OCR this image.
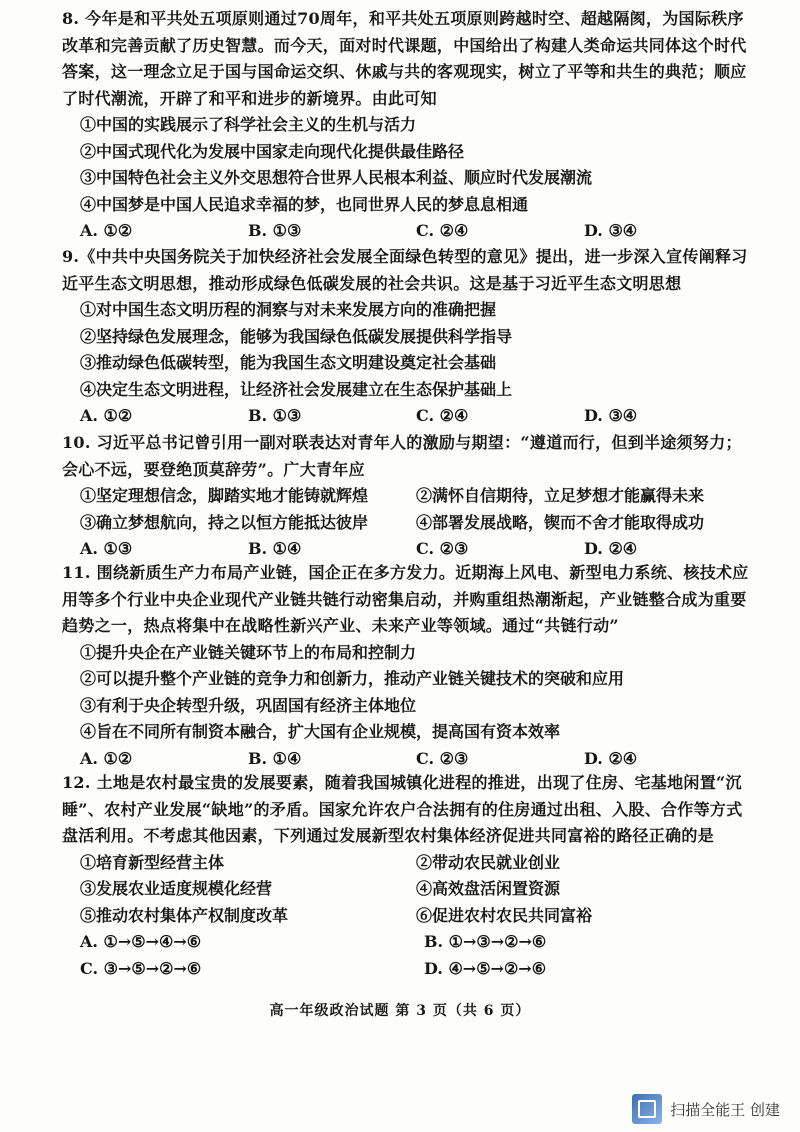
8. 今年是和平共处五项原则通过70周年，和平共处五项原则跨越时空、超越隔阂，为国际秩序改革和完善贡献了历史智慧。而今天，面对时代课题，中国给出了构建人类命运共同体这个时代答案，这一理念立足于国与国命运交织、休戚与共的客观现实，树立了平等和共生的典范；顺应了时代潮流，开辟了和平和进步的新境界。由此可知
①中国的实践展示了科学社会主义的生机与活力
②中国式现代化为发展中国家走向现代化提供最佳路径
③中国特色社会主义外交思想符合世界人民根本利益、顺应时代发展潮流
④中国梦是中国人民追求幸福的梦，也同世界人民的梦息息相通
A. ①②	B. ①③	C. ②④	D. ③④
9.《中共中央国务院关于加快经济社会发展全面绿色转型的意见》提出，进一步深入宣传阐释习近平生态文明思想，推动形成绿色低碳发展的社会共识。这是基于习近平生态文明思想
①对中国生态文明历程的洞察与对未来发展方向的准确把握
②坚持绿色发展理念，能够为我国绿色低碳发展提供科学指导
③推动绿色低碳转型，能为我国生态文明建设奠定社会基础
④决定生态文明进程，让经济社会发展建立在生态保护基础上
A. ①②	B. ①③	C. ②④	D. ③④
10. 习近平总书记曾引用一副对联表达对青年人的激励与期望：“遵道而行，但到半途须努力；会心不远，要登绝顶莫辞劳”。广大青年应
①坚定理想信念，脚踏实地才能铸就辉煌	②满怀自信期待，立足梦想才能赢得未来
③确立梦想航向，持之以恒方能抵达彼岸	④部署发展战略，锲而不舍才能取得成功
A. ①③	B. ①④	C. ②③	D. ②④
11. 围绕新质生产力布局产业链，国企正在多方发力。近期海上风电、新型电力系统、核技术应用等多个行业中央企业现代产业链共链行动密集启动，并购重组热潮渐起，产业链整合成为重要趋势之一，热点将集中在战略性新兴产业、未来产业等领域。通过“共链行动”
①提升央企在产业链关键环节上的布局和控制力
②可以提升整个产业链的竞争力和创新力，推动产业链关键技术的突破和应用
③有利于央企转型升级，巩固国有经济主体地位
④旨在不同所有制资本融合，扩大国有企业规模，提高国有资本效率
A. ①②	B. ①④	C. ②③	D. ②④
12. 土地是农村最宝贵的发展要素，随着我国城镇化进程的推进，出现了住房、宅基地闲置“沉睡”、农村产业发展“缺地”的矛盾。国家允许农户合法拥有的住房通过出租、入股、合作等方式盘活利用。不考虑其他因素，下列通过发展新型农村集体经济促进共同富裕的路径正确的是
①培育新型经营主体	②带动农民就业创业
③发展农业适度规模化经营	④高效盘活闲置资源
⑤推动农村集体产权制度改革	⑥促进农村农民共同富裕
A. ①→⑤→④→⑥	B. ①→③→②→⑥
C. ③→⑤→②→⑥	D. ④→⑤→②→⑥
高一年级政治试题 第 3 页（共 6 页）
扫描全能王 创建
